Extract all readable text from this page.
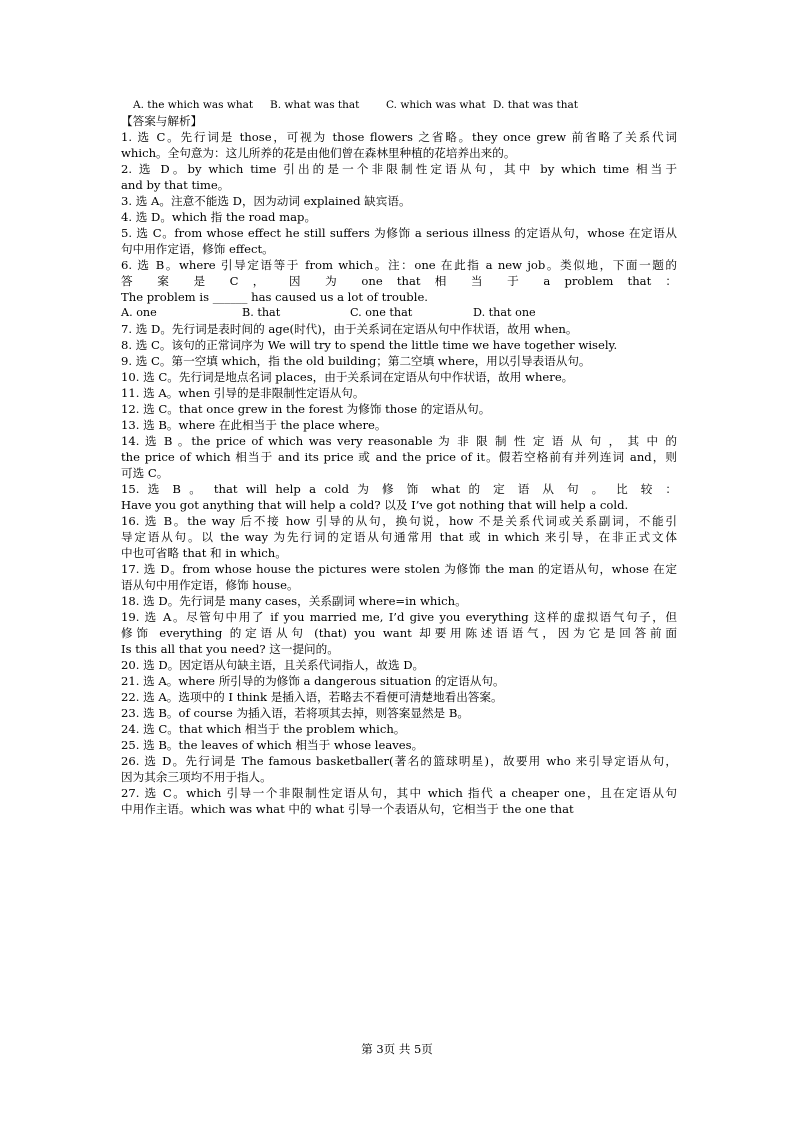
A. the which was what	B. what was that	C. which was what D. that was that
【答案与解析】
1. 选 C。先行词是 those，可视为 those flowers 之省略。they once grew 前省略了关系代词
which。全句意为：这儿所养的花是由他们曾在森林里种植的花培养出来的。
2. 选 D。by which time 引出的是一个非限制性定语从句，其中 by which time 相当于
and by that time。
3. 选 A。注意不能选 D，因为动词 explained 缺宾语。
4. 选 D。which 指 the road map。
5. 选 C。from whose effect he still suffers 为修饰 a serious illness 的定语从句，whose 在定语从
句中用作定语，修饰 effect。
6. 选 B。where 引导定语等于 from which。注：one 在此指 a new job。类似地，下面一题的
答 案 是 C ， 因 为 one that 相 当 于 a problem that ：
The problem is ______ has caused us a lot of trouble.
A. one	B. that	C. one that	D. that one
7. 选 D。先行词是表时间的 age(时代)，由于关系词在定语从句中作状语，故用 when。
8. 选 C。该句的正常词序为 We will try to spend the little time we have together wisely.
9. 选 C。第一空填 which，指 the old building；第二空填 where，用以引导表语从句。
10. 选 C。先行词是地点名词 places，由于关系词在定语从句中作状语，故用 where。
11. 选 A。when 引导的是非限制性定语从句。
12. 选 C。that once grew in the forest 为修饰 those 的定语从句。
13. 选 B。where 在此相当于 the place where。
14. 选 B 。the price of which was very reasonable 为 非 限 制 性 定 语 从 句 ， 其 中 的
the price of which 相当于 and its price 或 and the price of it。假若空格前有并列连词 and，则
可选 C。
15. 选 B 。 that will help a cold 为 修 饰 what 的 定 语 从 句 。 比 较 ：
Have you got anything that will help a cold? 以及 I’ve got nothing that will help a cold.
16. 选 B。the way 后不接 how 引导的从句，换句说，how 不是关系代词或关系副词，不能引
导定语从句。以 the way 为先行词的定语从句通常用 that 或 in which 来引导，在非正式文体
中也可省略 that 和 in which。
17. 选 D。from whose house the pictures were stolen 为修饰 the man 的定语从句，whose 在定
语从句中用作定语，修饰 house。
18. 选 D。先行词是 many cases，关系副词 where=in which。
19. 选 A。尽管句中用了 if you married me, I’d give you everything 这样的虚拟语气句子，但
修饰 everything 的定语从句 (that) you want 却要用陈述语语气，因为它是回答前面
Is this all that you need? 这一提问的。
20. 选 D。因定语从句缺主语，且关系代词指人，故选 D。
21. 选 A。where 所引导的为修饰 a dangerous situation 的定语从句。
22. 选 A。选项中的 I think 是插入语，若略去不看便可清楚地看出答案。
23. 选 B。of course 为插入语，若将项其去掉，则答案显然是 B。
24. 选 C。that which 相当于 the problem which。
25. 选 B。the leaves of which 相当于 whose leaves。
26. 选 D。先行词是 The famous basketballer(著名的篮球明星)，故要用 who 来引导定语从句，
因为其余三项均不用于指人。
27. 选 C。which 引导一个非限制性定语从句，其中 which 指代 a cheaper one，且在定语从句
中用作主语。which was what 中的 what 引导一个表语从句，它相当于 the one that
第 3页 共 5页
